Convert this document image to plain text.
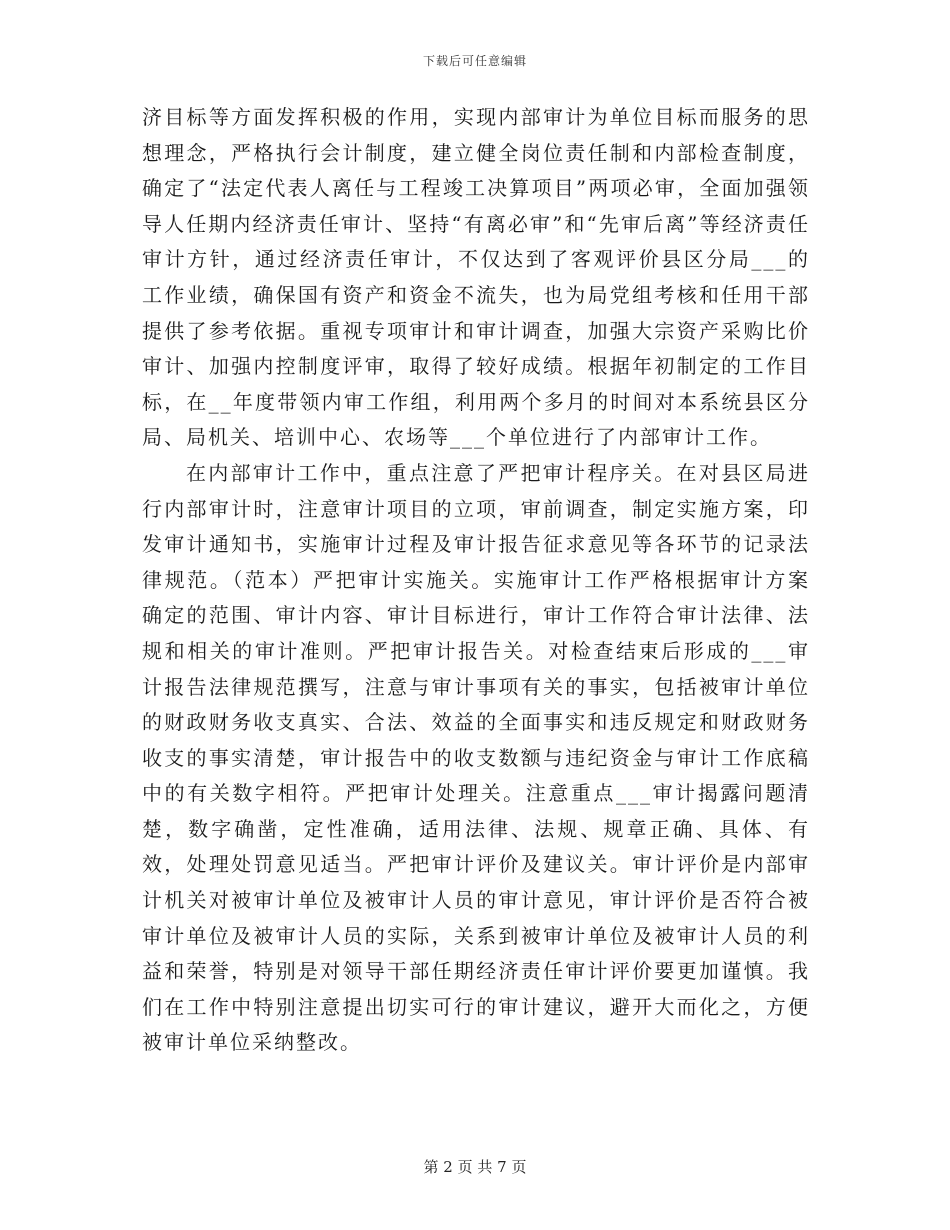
下载后可任意编辑

济目标等方面发挥积极的作用，实现内部审计为单位目标而服务的思想理念，严格执行会计制度，建立健全岗位责任制和内部检查制度，确定了“法定代表人离任与工程竣工决算项目”两项必审，全面加强领导人任期内经济责任审计、坚持“有离必审”和“先审后离”等经济责任审计方针，通过经济责任审计，不仅达到了客观评价县区分局___的工作业绩，确保国有资产和资金不流失，也为局党组考核和任用干部提供了参考依据。重视专项审计和审计调查，加强大宗资产采购比价审计、加强内控制度评审，取得了较好成绩。根据年初制定的工作目标，在__年度带领内审工作组，利用两个多月的时间对本系统县区分局、局机关、培训中心、农场等___个单位进行了内部审计工作。

在内部审计工作中，重点注意了严把审计程序关。在对县区局进行内部审计时，注意审计项目的立项，审前调查，制定实施方案，印发审计通知书，实施审计过程及审计报告征求意见等各环节的记录法律规范。（范本）严把审计实施关。实施审计工作严格根据审计方案确定的范围、审计内容、审计目标进行，审计工作符合审计法律、法规和相关的审计准则。严把审计报告关。对检查结束后形成的___审计报告法律规范撰写，注意与审计事项有关的事实，包括被审计单位的财政财务收支真实、合法、效益的全面事实和违反规定和财政财务收支的事实清楚，审计报告中的收支数额与违纪资金与审计工作底稿中的有关数字相符。严把审计处理关。注意重点___审计揭露问题清楚，数字确凿，定性准确，适用法律、法规、规章正确、具体、有效，处理处罚意见适当。严把审计评价及建议关。审计评价是内部审计机关对被审计单位及被审计人员的审计意见，审计评价是否符合被审计单位及被审计人员的实际，关系到被审计单位及被审计人员的利益和荣誉，特别是对领导干部任期经济责任审计评价要更加谨慎。我们在工作中特别注意提出切实可行的审计建议，避开大而化之，方便被审计单位采纳整改。

第 2 页 共 7 页
